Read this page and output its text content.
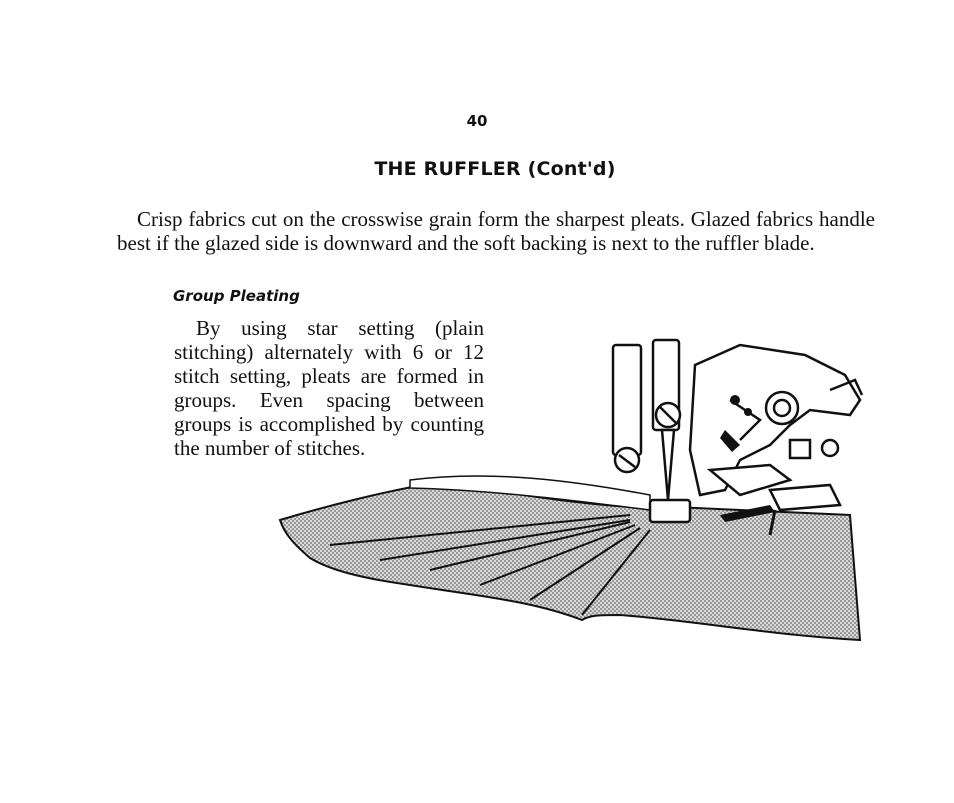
40
THE RUFFLER (Cont'd)

Crisp fabrics cut on the crosswise grain form the sharpest pleats. Glazed fabrics handle best if the glazed side is downward and the soft backing is next to the ruffler blade.

Group Pleating

By using star setting (plain stitching) alternately with 6 or 12 stitch setting, pleats are formed in groups. Even spacing between groups is accomplished by counting the number of stitches.
